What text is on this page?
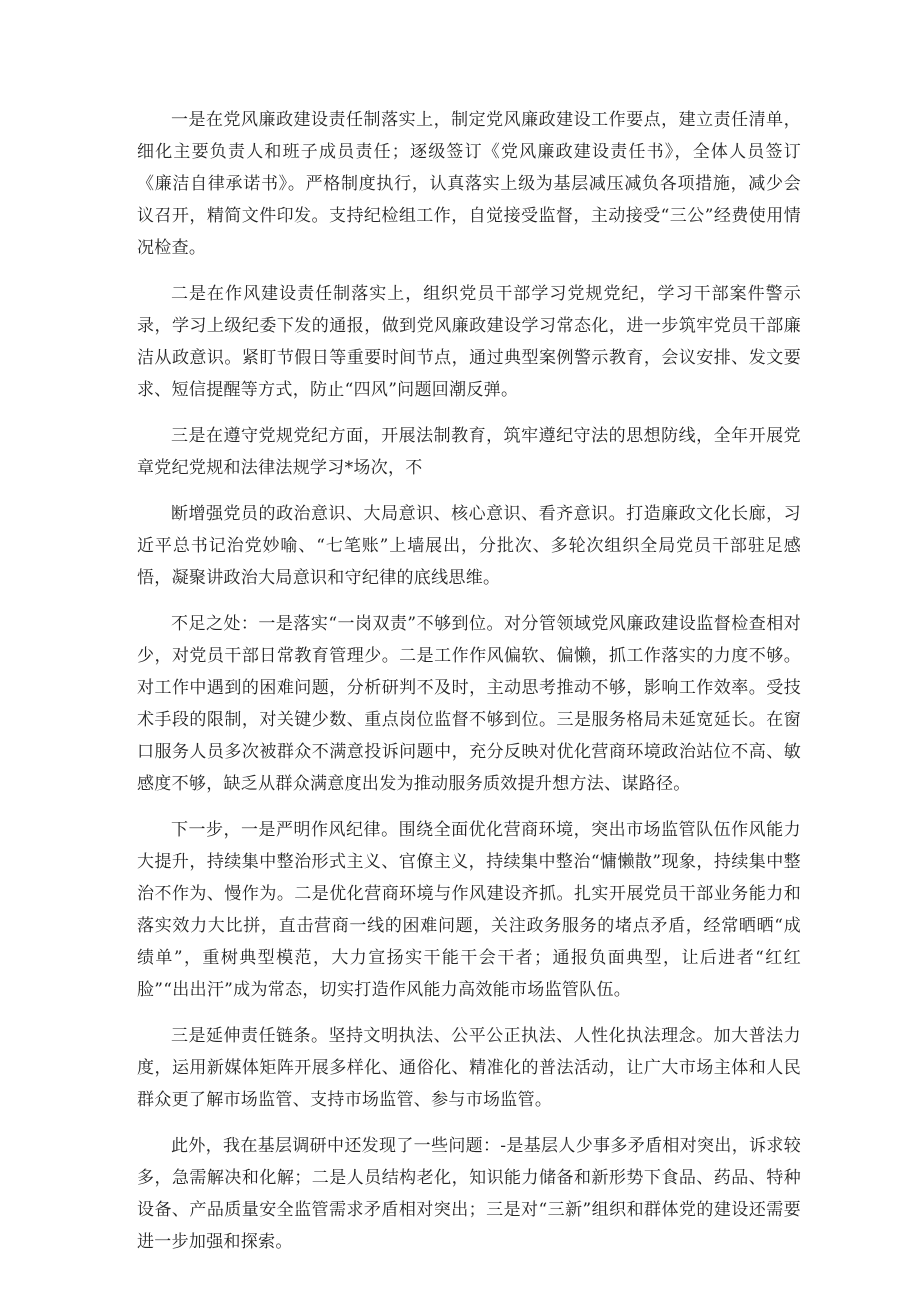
一是在党风廉政建设责任制落实上，制定党风廉政建设工作要点，建立责任清单，细化主要负责人和班子成员责任；逐级签订《党风廉政建设责任书》，全体人员签订《廉洁自律承诺书》。严格制度执行，认真落实上级为基层减压减负各项措施，减少会议召开，精简文件印发。支持纪检组工作，自觉接受监督，主动接受“三公”经费使用情况检查。

二是在作风建设责任制落实上，组织党员干部学习党规党纪，学习干部案件警示录，学习上级纪委下发的通报，做到党风廉政建设学习常态化，进一步筑牢党员干部廉洁从政意识。紧盯节假日等重要时间节点，通过典型案例警示教育，会议安排、发文要求、短信提醒等方式，防止“四风”问题回潮反弹。

三是在遵守党规党纪方面，开展法制教育，筑牢遵纪守法的思想防线，全年开展党章党纪党规和法律法规学习*场次，不

断增强党员的政治意识、大局意识、核心意识、看齐意识。打造廉政文化长廊，习近平总书记治党妙喻、“七笔账”上墙展出，分批次、多轮次组织全局党员干部驻足感悟，凝聚讲政治大局意识和守纪律的底线思维。

不足之处：一是落实“一岗双责”不够到位。对分管领域党风廉政建设监督检查相对少，对党员干部日常教育管理少。二是工作作风偏软、偏懒，抓工作落实的力度不够。对工作中遇到的困难问题，分析研判不及时，主动思考推动不够，影响工作效率。受技术手段的限制，对关键少数、重点岗位监督不够到位。三是服务格局未延宽延长。在窗口服务人员多次被群众不满意投诉问题中，充分反映对优化营商环境政治站位不高、敏感度不够，缺乏从群众满意度出发为推动服务质效提升想方法、谋路径。

下一步，一是严明作风纪律。围绕全面优化营商环境，突出市场监管队伍作风能力大提升，持续集中整治形式主义、官僚主义，持续集中整治“慵懒散”现象，持续集中整治不作为、慢作为。二是优化营商环境与作风建设齐抓。扎实开展党员干部业务能力和落实效力大比拼，直击营商一线的困难问题，关注政务服务的堵点矛盾，经常晒晒“成绩单”，重树典型模范，大力宣扬实干能干会干者；通报负面典型，让后进者“红红脸”“出出汗”成为常态，切实打造作风能力高效能市场监管队伍。

三是延伸责任链条。坚持文明执法、公平公正执法、人性化执法理念。加大普法力度，运用新媒体矩阵开展多样化、通俗化、精准化的普法活动，让广大市场主体和人民群众更了解市场监管、支持市场监管、参与市场监管。

此外，我在基层调研中还发现了一些问题：-是基层人少事多矛盾相对突出，诉求较多，急需解决和化解；二是人员结构老化，知识能力储备和新形势下食品、药品、特种设备、产品质量安全监管需求矛盾相对突出；三是对“三新”组织和群体党的建设还需要进一步加强和探索。
